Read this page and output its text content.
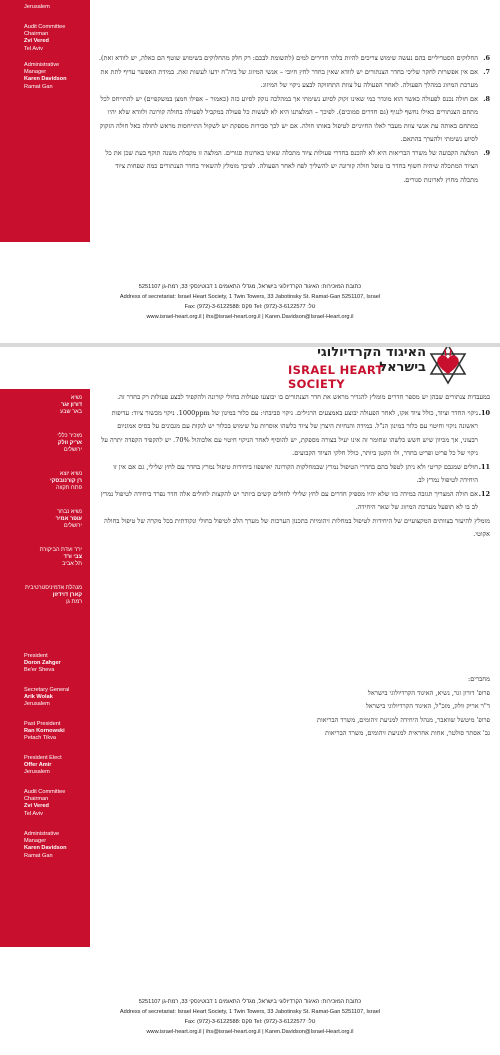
Jerusalem
Audit Committee
Chairman
Zvi Vered
Tel Aviv
Administrative
Manager
Karen Davidson
Ramat Gan
6.
החלוקים הסטריליים בהם נעשה שימוש צריכים להיות בלתי חדירים למים (לתשומת לבכם: רק חלק מהחלוקים בשימוש שוטף הם כאלה, יש לוודא זאת).
7.
אם אין אפשרות לחקר שליכי בחדר הצנתורים יש לוודא שאין בחדר לחץ חיובי – אנשי המיזוג של ביה"ח ידעו לעשות זאת. במידת האפשר עדיף לתת את מערכת המיזוג במהלך הפעולה. לאחר הפעולה על צוות התחזוקה לבצע ניקוי של המיזוג.
8.
אם חולה נכנס לפעולה כאשר הוא מוגדר כמי שאינו זקוק לסיוע נשימתי אך במהלכה נזקק לסיוע כזה (כאמור – אפילו חמצן במשקפיים) יש להתייחס לכל מתחם הצנתורים כאילו נחשף לנגיף (גם חדרים סמוכים). לפיכך – המלצתנו היא לא לעשות כל פעולה במקביל לפעולה בחולה קורונה ולוודא שלא יהיו במתחם באותה עת אנשי צוות מעבר לאלו החיוניים לטיפול באותו חולה. אם יש לכך סבירות מספקת יש לשקול התייחסות מראש לחולה כאל חולה הזקוק לסיוע נשימתי ולהערך בהתאם.
9.
המלצה הקבועה של משרד הבריאות היא לא להכנס בחדרי פעולות ציוד מתכלה שאינו בארונות סגורים. המלצה זו מקבלת משנה תוקף בעת שכן את כל הציוד המתכלה שיהיה חשוף בחדר בו טופל חולה קורונה יש להשליך לפח לאחר הפעולה. לפיכך מומלץ להשאיר בחדר הצנתורים כמה שפחות ציוד מתכלה מחוץ לארונות סגורים.
כתובת המזכירות: האיגוד הקרדיולוגי בישראל, מגדלי התאומים 1 דבוטינסקי 33, רמת-גן 5251107
Address of secretariat: Israel Heart Society, 1 Twin Towers, 33 Jabotinsky St. Ramat-Gan 5251107, Israel
Fax: (972)-3-6122588: פקס Tel: (972)-3-6122577 :טל
www.israel-heart.org.il | ihs@israel-heart.org.il | Karen.Davidson@Israel-Heart.org.il
האיגוד הקרדיולוגי בישראל
ISRAEL HEART SOCIETY
נשיא
דורון זגר
באר שבע
מזכיר כללי
אריק וולק
ירושלים
נשיא יוצא
רן קורנובסקי
פתח תקווה
נשיא נבחר
עופר אמיר
ירושלים
יו"ר ועדת הביקורת
צבי ורד
תל אביב
מנהלת אדמיניסטרטיבית
קארן דוידזון
רמת גן
President
Doron Zahger
Be'er Sheva
Secretary General
Arik Wolak
Jerusalem
Past President
Ran Kornowski
Petach Tikva
President Elect
Offer Amir
Jerusalem
Audit Committee
Chairman
Zvi Vered
Tel Aviv
Administrative
Manager
Karen Davidson
Ramat Gan
במעבדות צנתורים שבהן יש מספר חדרים מומלץ להגדיר מראש את חדר הצנתורים בו יבוצעו פעולות בחולי קורונה ולהקפיד לבצע פעולות רק בחדר זה.
10.
ניקוי החדר וציוד, כולל ציוד אקו, לאחר הפעולה יבוצע באמצעים הרגילים. ניקוי סביבתי: עם כלור במינון של 1000ppm. ניקוי מכשור ציוד: עדיפות ראשונה ניקוי וחיטוי עם כלור במינון הנ"ל. במידה והנחיות היצרן של ציוד כלשהו אוסרות על שימוש בכלור יש לנקות עם מגבונים על בסיס אמוניום רבעוני, אך מכיוון שיש חשש כלשהו שחומר זה אינו יעיל בצורה מספקת, יש להוסיף לאחר הניקוי חיטוי עם אלכוהול 70%. יש להקפיד הקפדה יתרה על ניקוי של כל פריט ופריט בחדר, ולו הקטן ביותר, כולל חלקי הציוד הקבועים.
11.
חולים שמגבם קריטי ולא ניתן לטפל בהם בחדרי הטיפול נמרץ שבמחלקות הקורונה יאושפזו ביחידות טיפול נמרץ בחדר עם לחץ שלילי, גם אם אין זו היחידה לטיפול נמרץ לב.
12.
אם חולה המצריך תגובה במידה כזו שלא יהיו מספיק חדרים עם לחץ שלילי לחולים קשים ביותר יש להקצות לחולים אלה חדר נפרד ביחידה לטיפול נמרץ לב בו לא תופעל מערכת המיזוג של שאר היחידה.
מומלץ להיעזר בצוותים המקצועיים של היחידות לטיפול במחלות זיהומיות בתכנון הערכות של מערך הלב לטיפול בחולי ונקודתית בכל מקרה של טיפול בחולה אקוטי.
מחברים:
פרופ' דורון זגר, נשיא, האיגוד הקרדיולוגי בישראל
ד"ר אריק וולק, מזכ"ל, האיגוד הקרדיולוגי בישראל
פרופ' מיטשל שוואבר, מנהל היחידה למניעת זיהומים, משרד הבריאות
גב' אסתר סולטר, אחות אחראית למניעת זיהומים, משרד הבריאות
כתובת המזכירות: האיגוד הקרדיולוגי בישראל, מגדלי התאומים 1 דבוטינסקי 33, רמת-גן 5251107
Address of secretariat: Israel Heart Society, 1 Twin Towers, 33 Jabotinsky St. Ramat-Gan 5251107, Israel
Fax: (972)-3-6122588: פקס Tel: (972)-3-6122577 :טל
www.israel-heart.org.il | ihs@israel-heart.org.il | Karen.Davidson@Israel-Heart.org.il
